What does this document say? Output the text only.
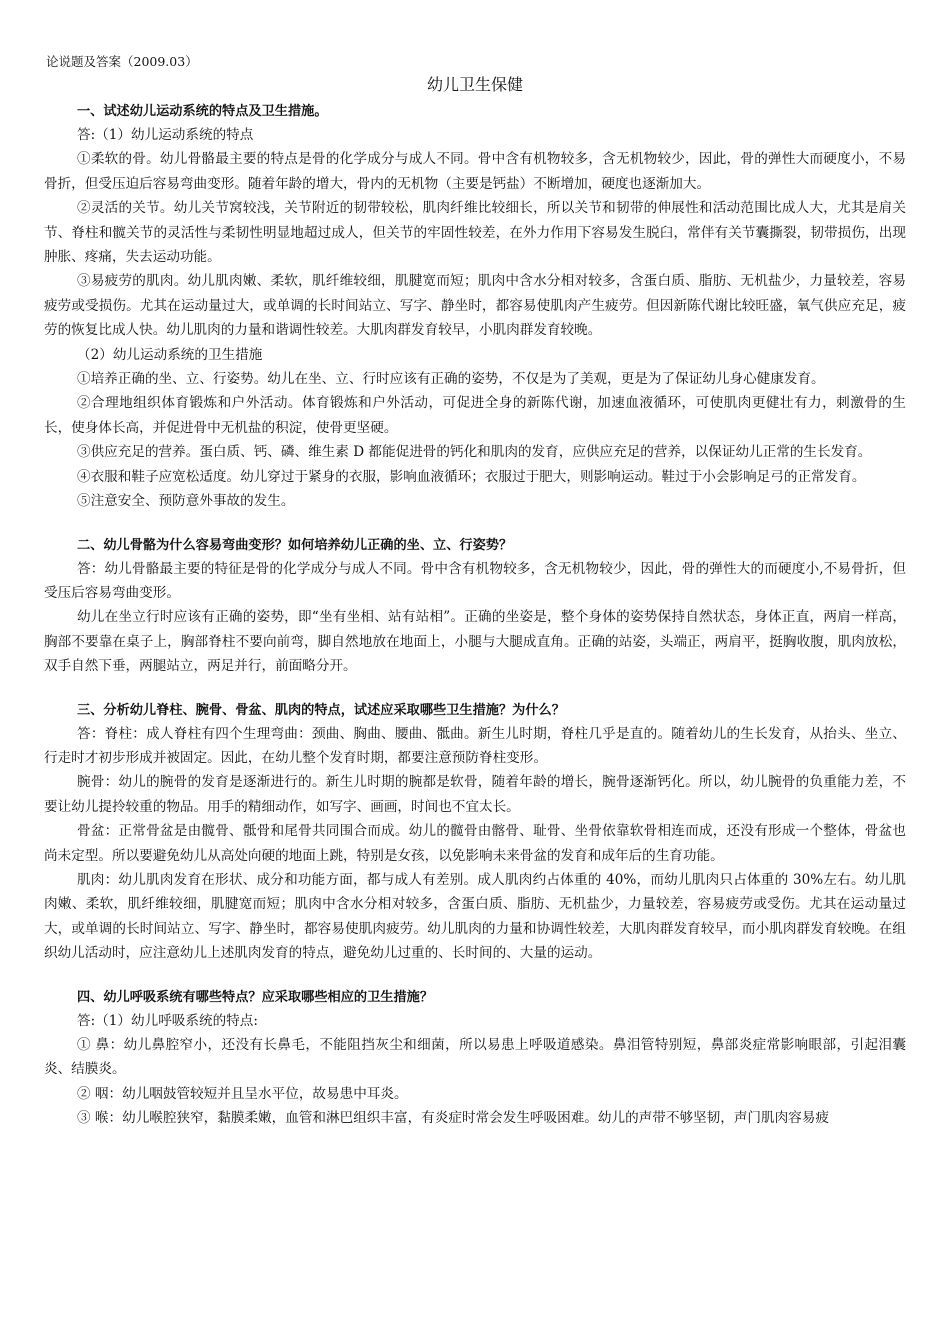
论说题及答案（2009.03）
幼儿卫生保健
一、试述幼儿运动系统的特点及卫生措施。

答:（1）幼儿运动系统的特点

①柔软的骨。幼儿骨骼最主要的特点是骨的化学成分与成人不同。骨中含有机物较多，含无机物较少，因此，骨的弹性大而硬度小，不易骨折，但受压迫后容易弯曲变形。随着年龄的增大，骨内的无机物（主要是钙盐）不断增加，硬度也逐渐加大。

②灵活的关节。幼儿关节窝较浅，关节附近的韧带较松，肌肉纤维比较细长，所以关节和韧带的伸展性和活动范围比成人大，尤其是肩关节、脊柱和髋关节的灵活性与柔韧性明显地超过成人，但关节的牢固性较差，在外力作用下容易发生脱臼，常伴有关节囊撕裂，韧带损伤，出现肿胀、疼痛，失去运动功能。

③易疲劳的肌肉。幼儿肌肉嫩、柔软，肌纤维较细，肌腱宽而短；肌肉中含水分相对较多，含蛋白质、脂肪、无机盐少，力量较差，容易疲劳或受损伤。尤其在运动量过大，或单调的长时间站立、写字、静坐时，都容易使肌肉产生疲劳。但因新陈代谢比较旺盛，氧气供应充足，疲劳的恢复比成人快。幼儿肌肉的力量和谐调性较差。大肌肉群发育较早，小肌肉群发育较晚。

（2）幼儿运动系统的卫生措施

①培养正确的坐、立、行姿势。幼儿在坐、立、行时应该有正确的姿势，不仅是为了美观，更是为了保证幼儿身心健康发育。

②合理地组织体育锻炼和户外活动。体育锻炼和户外活动，可促进全身的新陈代谢，加速血液循环，可使肌肉更健壮有力，刺激骨的生长，使身体长高，并促进骨中无机盐的积淀，使骨更坚硬。

③供应充足的营养。蛋白质、钙、磷、维生素 D 都能促进骨的钙化和肌肉的发育，应供应充足的营养，以保证幼儿正常的生长发育。

④衣服和鞋子应宽松适度。幼儿穿过于紧身的衣服，影响血液循环；衣服过于肥大，则影响运动。鞋过于小会影响足弓的正常发育。

⑤注意安全、预防意外事故的发生。

二、幼儿骨骼为什么容易弯曲变形？如何培养幼儿正确的坐、立、行姿势？

答：幼儿骨骼最主要的特征是骨的化学成分与成人不同。骨中含有机物较多，含无机物较少，因此，骨的弹性大的而硬度小,不易骨折，但受压后容易弯曲变形。

幼儿在坐立行时应该有正确的姿势，即“坐有坐相、站有站相”。正确的坐姿是，整个身体的姿势保持自然状态，身体正直，两肩一样高，胸部不要靠在桌子上，胸部脊柱不要向前弯，脚自然地放在地面上，小腿与大腿成直角。正确的站姿，头端正，两肩平，挺胸收腹，肌肉放松，双手自然下垂，两腿站立，两足并行，前面略分开。

三、分析幼儿脊柱、腕骨、骨盆、肌肉的特点，试述应采取哪些卫生措施？为什么？

答：脊柱：成人脊柱有四个生理弯曲：颈曲、胸曲、腰曲、骶曲。新生儿时期，脊柱几乎是直的。随着幼儿的生长发育，从抬头、坐立、行走时才初步形成并被固定。因此，在幼儿整个发育时期，都要注意预防脊柱变形。

腕骨：幼儿的腕骨的发育是逐渐进行的。新生儿时期的腕都是软骨，随着年龄的增长，腕骨逐渐钙化。所以，幼儿腕骨的负重能力差，不要让幼儿提拎较重的物品。用手的精细动作，如写字、画画，时间也不宜太长。

骨盆：正常骨盆是由髋骨、骶骨和尾骨共同围合而成。幼儿的髋骨由髂骨、耻骨、坐骨依靠软骨相连而成，还没有形成一个整体，骨盆也尚未定型。所以要避免幼儿从高处向硬的地面上跳，特别是女孩，以免影响未来骨盆的发育和成年后的生育功能。

肌肉：幼儿肌肉发育在形状、成分和功能方面，都与成人有差别。成人肌肉约占体重的 40%，而幼儿肌肉只占体重的 30%左右。幼儿肌肉嫩、柔软，肌纤维较细，肌腱宽而短；肌肉中含水分相对较多，含蛋白质、脂肪、无机盐少，力量较差，容易疲劳或受伤。尤其在运动量过大，或单调的长时间站立、写字、静坐时，都容易使肌肉疲劳。幼儿肌肉的力量和协调性较差，大肌肉群发育较早，而小肌肉群发育较晚。在组织幼儿活动时，应注意幼儿上述肌肉发育的特点，避免幼儿过重的、长时间的、大量的运动。

四、幼儿呼吸系统有哪些特点？应采取哪些相应的卫生措施？

答:（1）幼儿呼吸系统的特点:

① 鼻：幼儿鼻腔窄小，还没有长鼻毛，不能阻挡灰尘和细菌，所以易患上呼吸道感染。鼻泪管特别短，鼻部炎症常影响眼部，引起泪囊炎、结膜炎。

② 咽：幼儿咽鼓管较短并且呈水平位，故易患中耳炎。

③ 喉：幼儿喉腔狭窄，黏膜柔嫩，血管和淋巴组织丰富，有炎症时常会发生呼吸困难。幼儿的声带不够坚韧，声门肌肉容易疲
